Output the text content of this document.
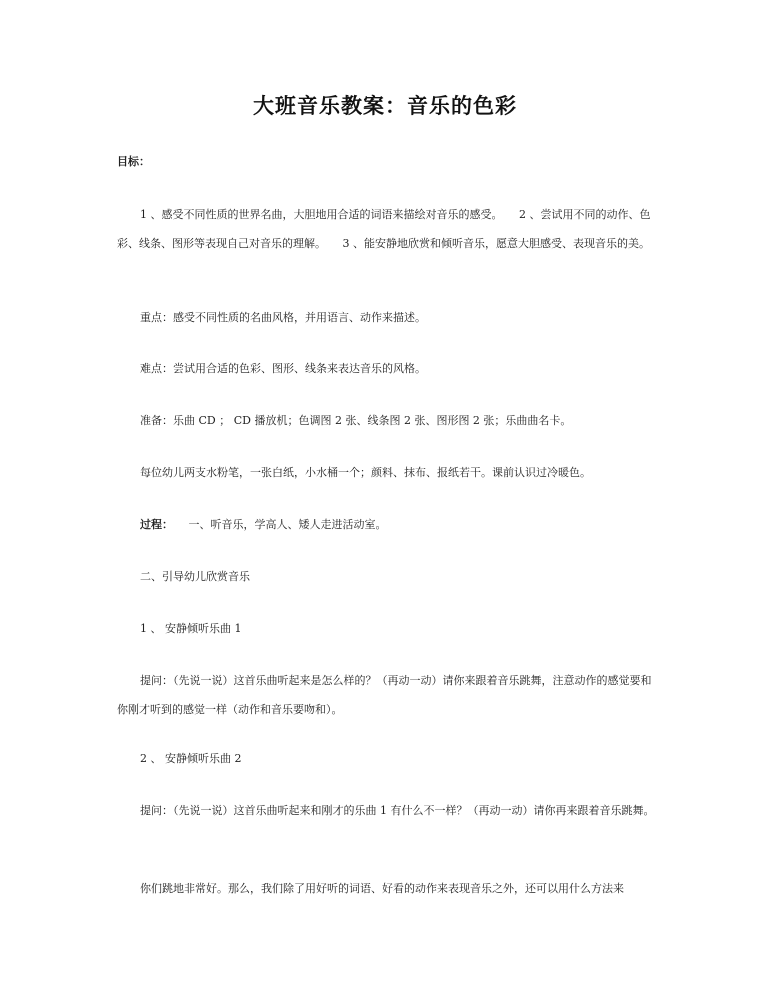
大班音乐教案：音乐的色彩
目标：
1 、感受不同性质的世界名曲，大胆地用合适的词语来描绘对音乐的感受。　　2 、尝试用不同的动作、色彩、线条、图形等表现自己对音乐的理解。　　3 、能安静地欣赏和倾听音乐，愿意大胆感受、表现音乐的美。
重点：感受不同性质的名曲风格，并用语言、动作来描述。
难点：尝试用合适的色彩、图形、线条来表达音乐的风格。
准备：乐曲 CD ； CD 播放机；色调图 2 张、线条图 2 张、图形图 2 张；乐曲曲名卡。
每位幼儿两支水粉笔，一张白纸，小水桶一个；颜料、抹布、报纸若干。课前认识过冷暖色。
过程： 一、听音乐，学高人、矮人走进活动室。
二、引导幼儿欣赏音乐
1 、 安静倾听乐曲 1
提问：（先说一说）这首乐曲听起来是怎么样的？（再动一动）请你来跟着音乐跳舞，注意动作的感觉要和你刚才听到的感觉一样（动作和音乐要吻和）。
2 、 安静倾听乐曲 2
提问：（先说一说）这首乐曲听起来和刚才的乐曲 1 有什么不一样？（再动一动）请你再来跟着音乐跳舞。
你们跳地非常好。那么，我们除了用好听的词语、好看的动作来表现音乐之外，还可以用什么方法来
